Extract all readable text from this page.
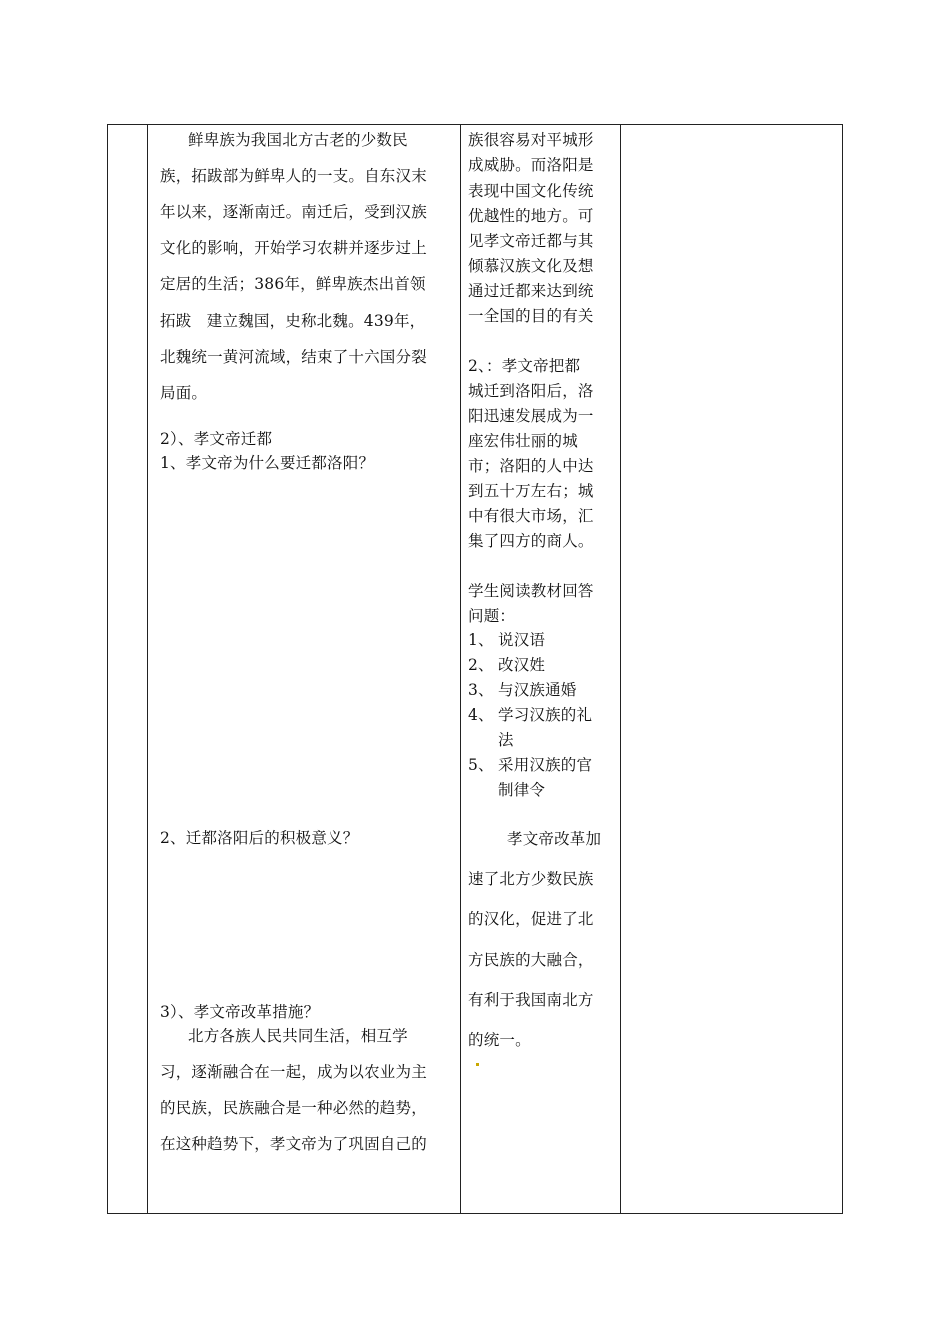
鲜卑族为我国北方古老的少数民
族，拓跋部为鲜卑人的一支。自东汉末
年以来，逐渐南迁。南迁后，受到汉族
文化的影响，开始学习农耕并逐步过上
定居的生活；386年，鲜卑族杰出首领
拓跋   建立魏国，史称北魏。439年，
北魏统一黄河流域，结束了十六国分裂
局面。
2）、孝文帝迁都
1、孝文帝为什么要迁都洛阳？
2、迁都洛阳后的积极意义？
3）、孝文帝改革措施？
北方各族人民共同生活，相互学
习，逐渐融合在一起，成为以农业为主
的民族，民族融合是一种必然的趋势，
在这种趋势下，孝文帝为了巩固自己的
族很容易对平城形
成威胁。而洛阳是
表现中国文化传统
优越性的地方。可
见孝文帝迁都与其
倾慕汉族文化及想
通过迁都来达到统
一全国的目的有关
2、：孝文帝把都
城迁到洛阳后，洛
阳迅速发展成为一
座宏伟壮丽的城
市；洛阳的人中达
到五十万左右；城
中有很大市场，汇
集了四方的商人。
学生阅读教材回答
问题：
1、 说汉语
2、 改汉姓
3、 与汉族通婚
4、 学习汉族的礼
法
5、 采用汉族的官
制律令
孝文帝改革加
速了北方少数民族
的汉化，促进了北
方民族的大融合，
有利于我国南北方
的统一。
